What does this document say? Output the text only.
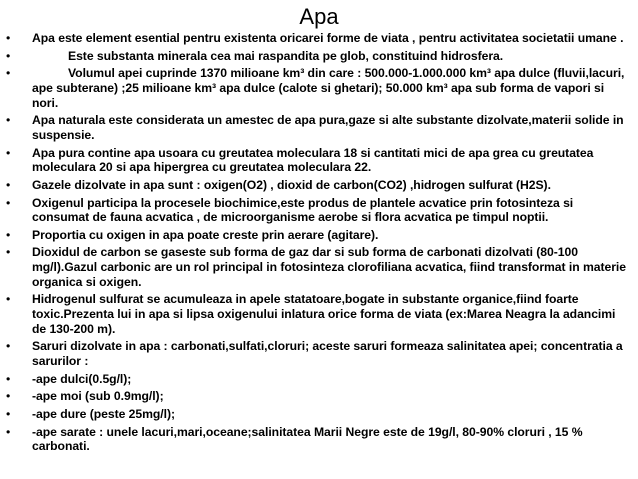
Apa
• Apa este element esential pentru existenta oricarei forme de viata , pentru activitatea societatii umane .
•	Este substanta minerala cea mai raspandita pe glob, constituind hidrosfera.
•	Volumul apei cuprinde 1370 milioane km³ din care : 500.000-1.000.000 km³ apa dulce (fluvii,lacuri, ape subterane) ;25 milioane km³ apa dulce (calote si ghetari); 50.000 km³ apa sub forma de vapori si nori.
• Apa naturala este considerata un amestec de apa pura,gaze si alte substante dizolvate,materii solide in suspensie.
• Apa pura contine apa usoara cu greutatea moleculara 18 si cantitati mici de apa grea cu greutatea moleculara 20 si apa hipergrea cu greutatea moleculara 22.
• Gazele dizolvate in apa sunt : oxigen(O2) , dioxid de carbon(CO2) ,hidrogen sulfurat (H2S).
• Oxigenul participa la procesele biochimice,este produs de plantele acvatice prin fotosinteza si consumat de fauna acvatica , de microorganisme aerobe si flora acvatica pe timpul noptii.
• Proportia cu oxigen in apa poate creste prin aerare (agitare).
• Dioxidul de carbon se gaseste sub forma de gaz dar si sub forma de carbonati dizolvati (80-100 mg/l).Gazul carbonic are un rol principal in fotosinteza clorofiliana acvatica, fiind transformat in materie organica si oxigen.
• Hidrogenul sulfurat se acumuleaza in apele statatoare,bogate in substante organice,fiind foarte toxic.Prezenta lui in apa si lipsa oxigenului inlatura orice forma de viata (ex:Marea Neagra la adancimi de 130-200 m).
• Saruri dizolvate in apa : carbonati,sulfati,cloruri; aceste saruri formeaza salinitatea apei; concentratia a sarurilor :
• -ape dulci(0.5g/l);
• -ape moi (sub 0.9mg/l);
• -ape dure (peste 25mg/l);
• -ape sarate : unele lacuri,mari,oceane;salinitatea Marii Negre este de 19g/l, 80-90% cloruri , 15 % carbonati.
